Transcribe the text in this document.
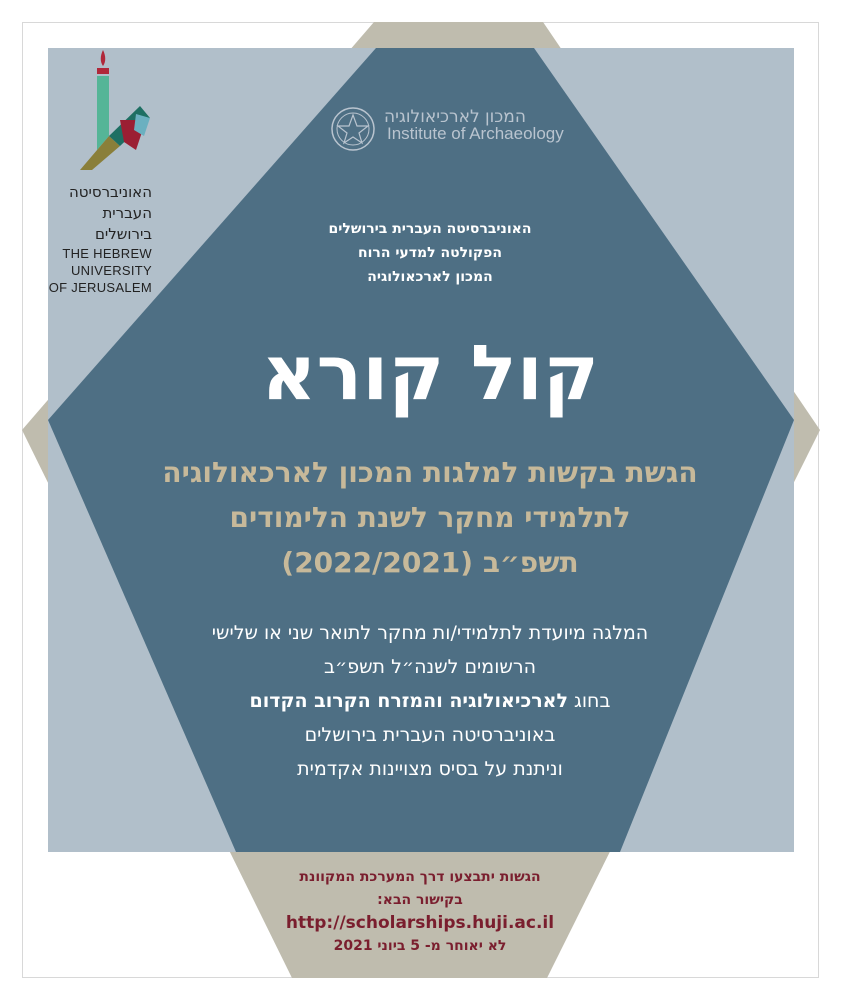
האוניברסיטה
העברית
בירושלים
THE HEBREW
UNIVERSITY
OF JERUSALEM
המכון לארכיאולוגיה
Institute of Archaeology
האוניברסיטה העברית בירושלים
הפקולטה למדעי הרוח
המכון לארכאולוגיה
קול קורא
הגשת בקשות למלגות המכון לארכאולוגיה
לתלמידי מחקר לשנת הלימודים
תשפ״ב (2022/2021)
המלגה מיועדת לתלמידי/ות מחקר לתואר שני או שלישי
הרשומים לשנה״ל תשפ״ב
בחוג לארכיאולוגיה והמזרח הקרוב הקדום
באוניברסיטה העברית בירושלים
וניתנת על בסיס מצויינות אקדמית
הגשות יתבצעו דרך המערכת המקוונת
בקישור הבא:
http://scholarships.huji.ac.il
לא יאוחר מ- 5 ביוני 2021
